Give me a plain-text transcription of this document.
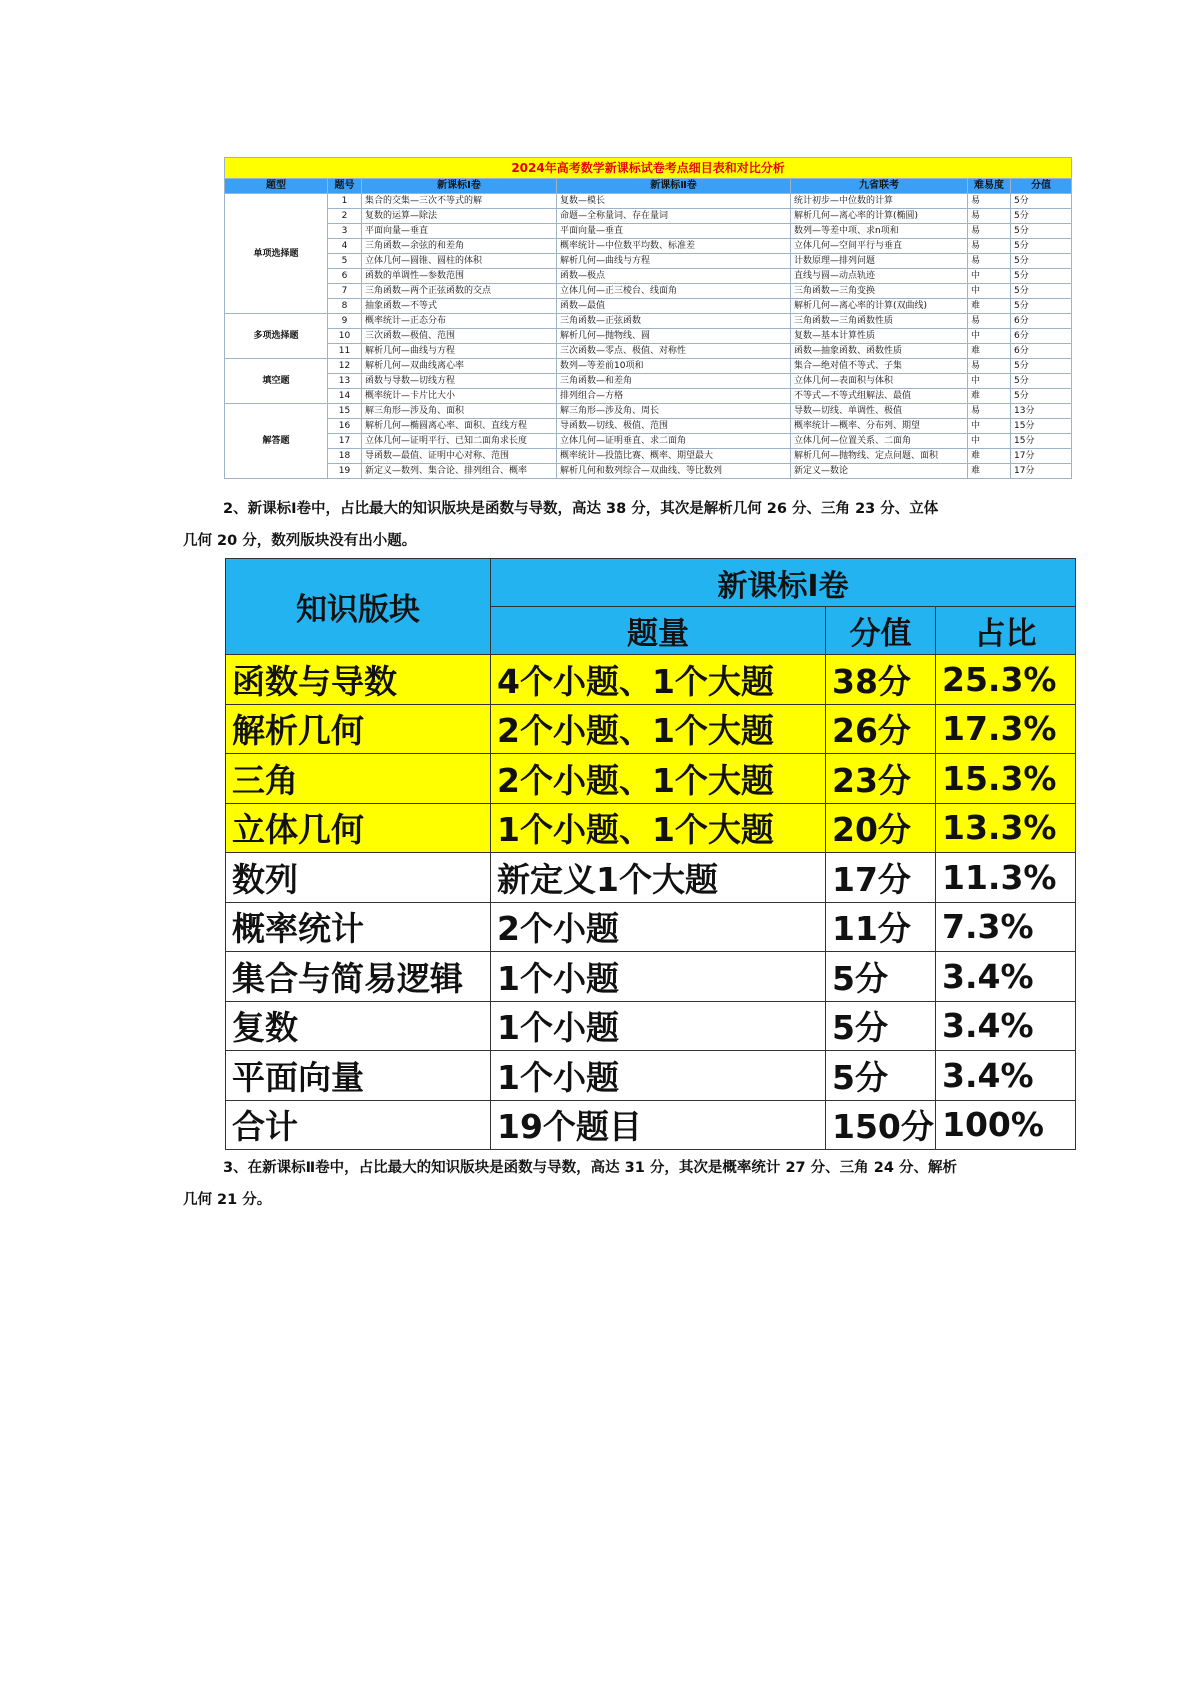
2024年高考数学新课标试卷考点细目表和对比分析						
题型	题号	新课标Ⅰ卷	新课标Ⅱ卷	九省联考	难易度	分值
单项选择题	1	集合的交集—三次不等式的解	复数—模长	统计初步—中位数的计算	易	5分
	2	复数的运算—除法	命题—全称量词、存在量词	解析几何—离心率的计算(椭圆)	易	5分
	3	平面向量—垂直	平面向量—垂直	数列—等差中项、求n项和	易	5分
	4	三角函数—余弦的和差角	概率统计—中位数平均数、标准差	立体几何—空间平行与垂直	易	5分
	5	立体几何—圆锥、圆柱的体积	解析几何—曲线与方程	计数原理—排列问题	易	5分
	6	函数的单调性—参数范围	函数—极点	直线与圆—动点轨迹	中	5分
	7	三角函数—两个正弦函数的交点	立体几何—正三棱台、线面角	三角函数—三角变换	中	5分
	8	抽象函数—不等式	函数—最值	解析几何—离心率的计算(双曲线)	难	5分
多项选择题	9	概率统计—正态分布	三角函数—正弦函数	三角函数—三角函数性质	易	6分
	10	三次函数—极值、范围	解析几何—抛物线、圆	复数—基本计算性质	中	6分
	11	解析几何—曲线与方程	三次函数—零点、极值、对称性	函数—抽象函数、函数性质	难	6分
填空题	12	解析几何—双曲线离心率	数列—等差前10项和	集合—绝对值不等式、子集	易	5分
	13	函数与导数—切线方程	三角函数—和差角	立体几何—表面积与体积	中	5分
	14	概率统计—卡片比大小	排列组合—方格	不等式—不等式组解法、最值	难	5分
解答题	15	解三角形—涉及角、面积	解三角形—涉及角、周长	导数—切线、单调性、极值	易	13分
	16	解析几何—椭圆离心率、面积、直线方程	导函数—切线、极值、范围	概率统计—概率、分布列、期望	中	15分
	17	立体几何—证明平行、已知二面角求长度	立体几何—证明垂直、求二面角	立体几何—位置关系、二面角	中	15分
	18	导函数—最值、证明中心对称、范围	概率统计—投篮比赛、概率、期望最大	解析几何—抛物线、定点问题、面积	难	17分
	19	新定义—数列、集合论、排列组合、概率	解析几何和数列综合—双曲线、等比数列	新定义—数论	难	17分
2、新课标Ⅰ卷中，占比最大的知识版块是函数与导数，高达 38 分，其次是解析几何 26 分、三角 23 分、立体
几何 20 分，数列版块没有出小题。
知识版块	新课标Ⅰ卷		
	题量	分值	占比
函数与导数	4个小题、1个大题	38分	25.3%
解析几何	2个小题、1个大题	26分	17.3%
三角	2个小题、1个大题	23分	15.3%
立体几何	1个小题、1个大题	20分	13.3%
数列	新定义1个大题	17分	11.3%
概率统计	2个小题	11分	7.3%
集合与简易逻辑	1个小题	5分	3.4%
复数	1个小题	5分	3.4%
平面向量	1个小题	5分	3.4%
合计	19个题目	150分	100%
3、在新课标Ⅱ卷中，占比最大的知识版块是函数与导数，高达 31 分，其次是概率统计 27 分、三角 24 分、解析
几何 21 分。
